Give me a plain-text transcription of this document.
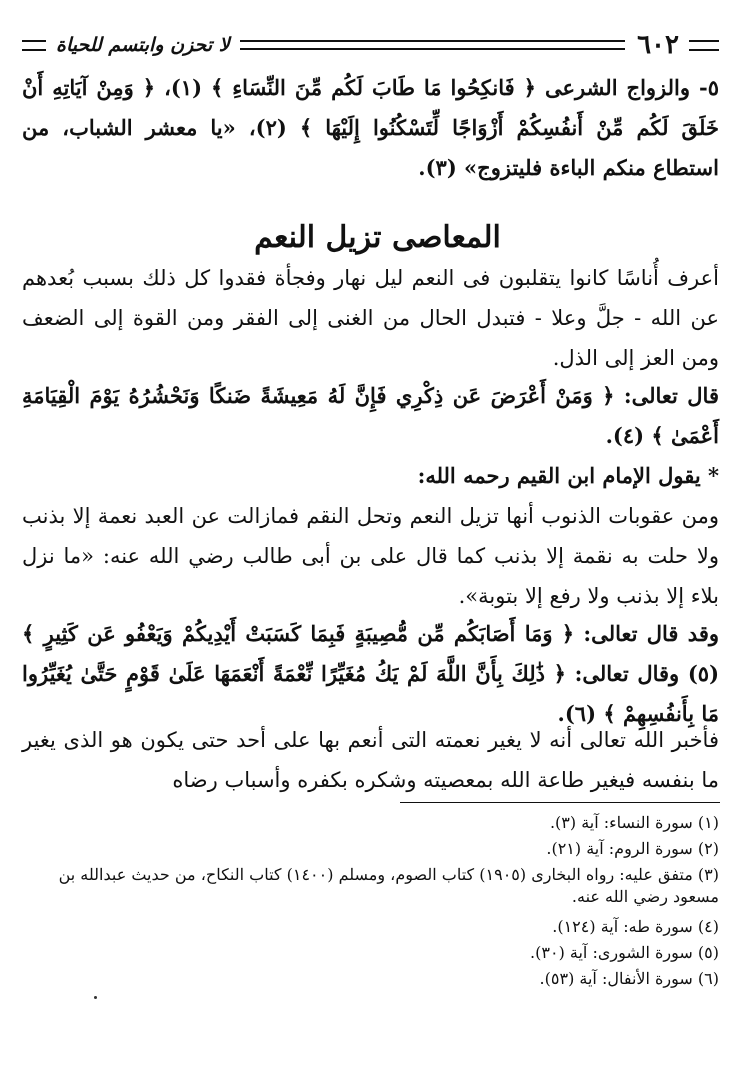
٦٠٢
لا تحزن وابتسم للحياة
٥- والزواج الشرعى ﴿ فَانكِحُوا مَا طَابَ لَكُم مِّنَ النِّسَاءِ ﴾ (١)، ﴿ وَمِنْ آيَاتِهِ أَنْ خَلَقَ لَكُم مِّنْ أَنفُسِكُمْ أَزْوَاجًا لِّتَسْكُنُوا إِلَيْهَا ﴾ (٢)، «يا معشر الشباب، من استطاع منكم الباءة فليتزوج» (٣).
المعاصى تزيل النعم
أعرف أُناسًا كانوا يتقلبون فى النعم ليل نهار وفجأة فقدوا كل ذلك بسبب بُعدهم عن الله - جلَّ وعلا - فتبدل الحال من الغنى إلى الفقر ومن القوة إلى الضعف ومن العز إلى الذل.
قال تعالى: ﴿ وَمَنْ أَعْرَضَ عَن ذِكْرِي فَإِنَّ لَهُ مَعِيشَةً ضَنكًا وَنَحْشُرُهُ يَوْمَ الْقِيَامَةِ أَعْمَىٰ ﴾ (٤).
* يقول الإمام ابن القيم رحمه الله:
ومن عقوبات الذنوب أنها تزيل النعم وتحل النقم فمازالت عن العبد نعمة إلا بذنب ولا حلت به نقمة إلا بذنب كما قال على بن أبى طالب رضي الله عنه: «ما نزل بلاء إلا بذنب ولا رفع إلا بتوبة».
وقد قال تعالى: ﴿ وَمَا أَصَابَكُم مِّن مُّصِيبَةٍ فَبِمَا كَسَبَتْ أَيْدِيكُمْ وَيَعْفُو عَن كَثِيرٍ ﴾ (٥) وقال تعالى: ﴿ ذَٰلِكَ بِأَنَّ اللَّهَ لَمْ يَكُ مُغَيِّرًا نِّعْمَةً أَنْعَمَهَا عَلَىٰ قَوْمٍ حَتَّىٰ يُغَيِّرُوا مَا بِأَنفُسِهِمْ ﴾ (٦).
فأخبر الله تعالى أنه لا يغير نعمته التى أنعم بها على أحد حتى يكون هو الذى يغير ما بنفسه فيغير طاعة الله بمعصيته وشكره بكفره وأسباب رضاه
(١) سورة النساء: آية (٣).
(٢) سورة الروم: آية (٢١).
(٣) متفق عليه: رواه البخارى (١٩٠٥) كتاب الصوم، ومسلم (١٤٠٠) كتاب النكاح، من حديث عبدالله بن مسعود رضي الله عنه.
(٤) سورة طه: آية (١٢٤).
(٥) سورة الشورى: آية (٣٠).
(٦) سورة الأنفال: آية (٥٣).
